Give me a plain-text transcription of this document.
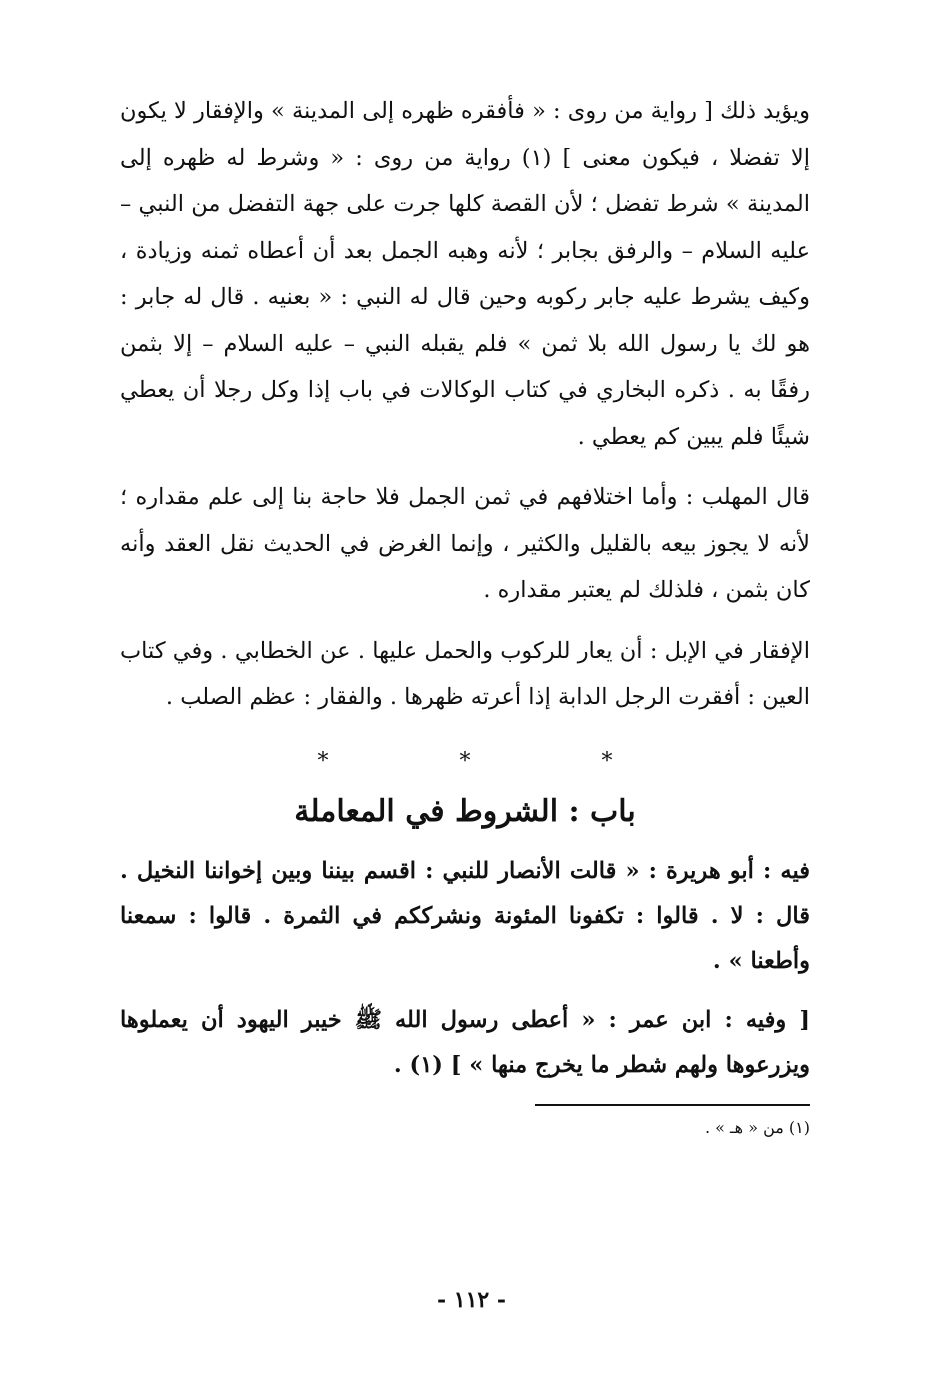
ويؤيد ذلك [ رواية من روى : « فأفقره ظهره إلى المدينة » والإفقار لا يكون إلا تفضلا ، فيكون معنى ] (١) رواية من روى : « وشرط له ظهره إلى المدينة » شرط تفضل ؛ لأن القصة كلها جرت على جهة التفضل من النبي – عليه السلام – والرفق بجابر ؛ لأنه وهبه الجمل بعد أن أعطاه ثمنه وزيادة ، وكيف يشرط عليه جابر ركوبه وحين قال له النبي : « بعنيه . قال له جابر : هو لك يا رسول الله بلا ثمن » فلم يقبله النبي – عليه السلام – إلا بثمن رفقًا به . ذكره البخاري في كتاب الوكالات في باب إذا وكل رجلا أن يعطي شيئًا فلم يبين كم يعطي .

قال المهلب : وأما اختلافهم في ثمن الجمل فلا حاجة بنا إلى علم مقداره ؛ لأنه لا يجوز بيعه بالقليل والكثير ، وإنما الغرض في الحديث نقل العقد وأنه كان بثمن ، فلذلك لم يعتبر مقداره .

الإفقار في الإبل : أن يعار للركوب والحمل عليها . عن الخطابي . وفي كتاب العين : أفقرت الرجل الدابة إذا أعرته ظهرها . والفقار : عظم الصلب .

* * *
باب : الشروط في المعاملة

فيه : أبو هريرة : « قالت الأنصار للنبي : اقسم بيننا وبين إخواننا النخيل . قال : لا . قالوا : تكفونا المئونة ونشرككم في الثمرة . قالوا : سمعنا وأطعنا » .

[ وفيه : ابن عمر : « أعطى رسول الله ﷺ خيبر اليهود أن يعملوها ويزرعوها ولهم شطر ما يخرج منها » ] (١) .

(١) من « هـ » .

- ١١٢ -
